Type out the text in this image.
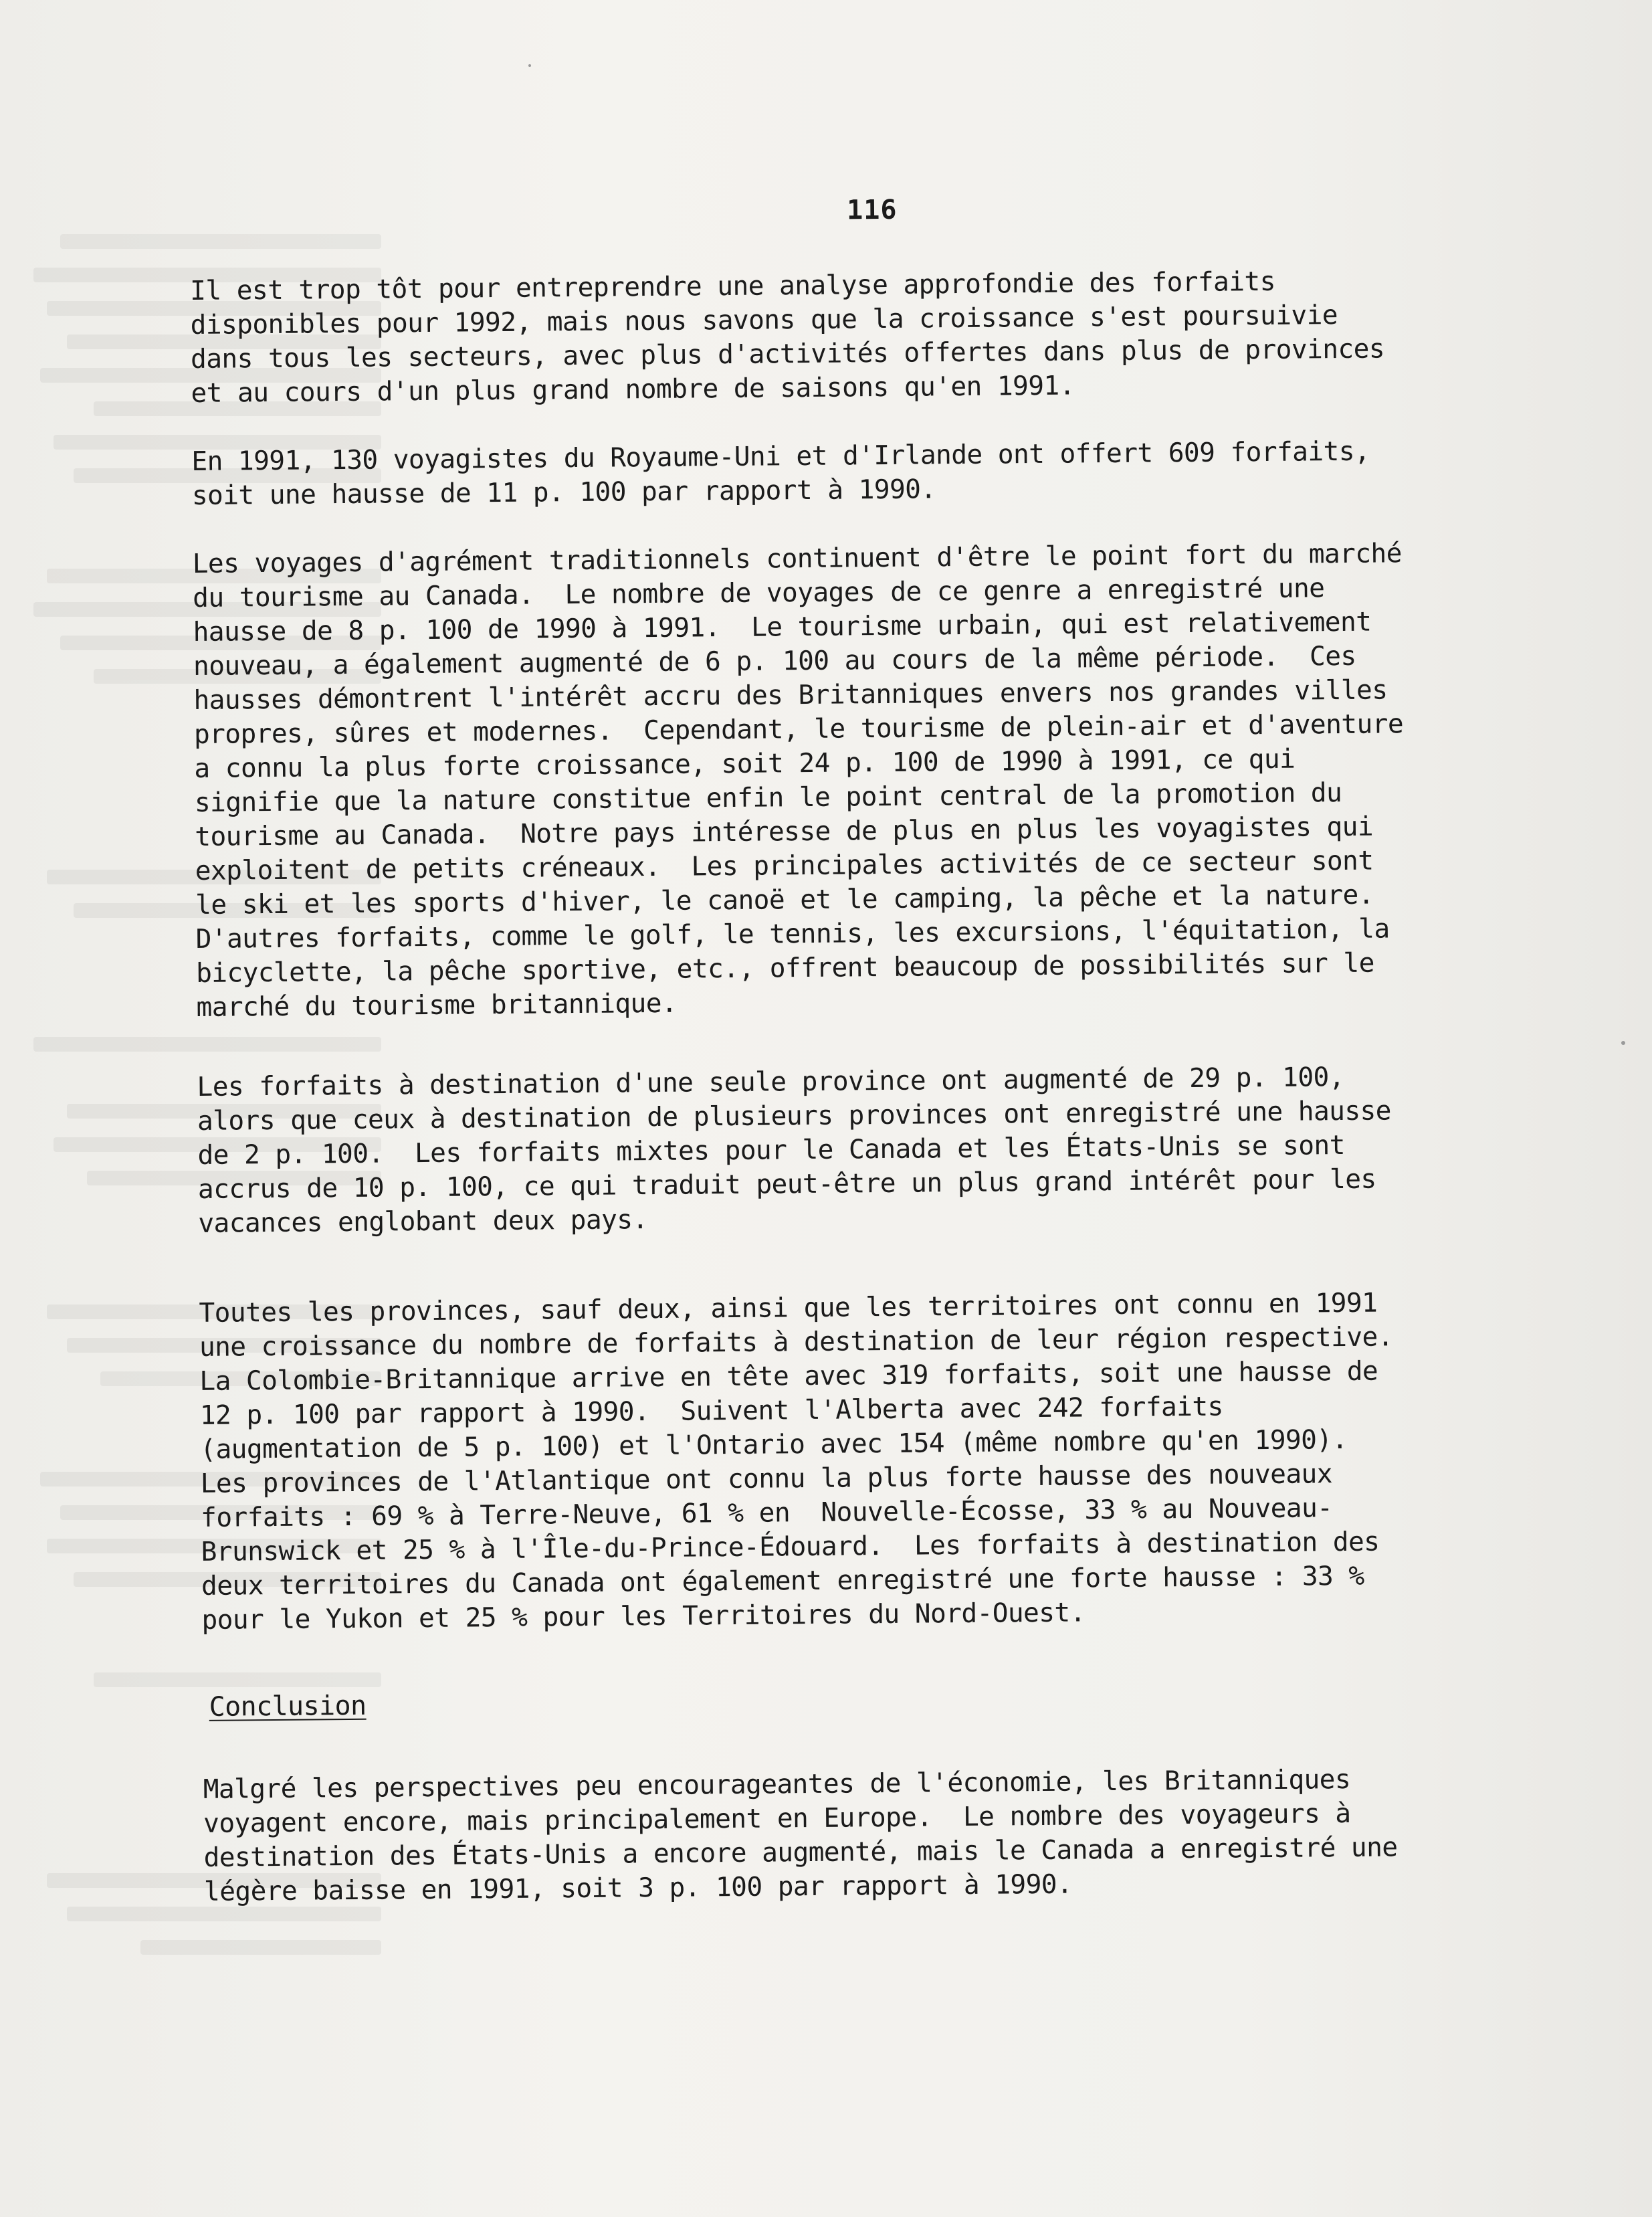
116
Il est trop tôt pour entreprendre une analyse approfondie des forfaits
disponibles pour 1992, mais nous savons que la croissance s'est poursuivie
dans tous les secteurs, avec plus d'activités offertes dans plus de provinces
et au cours d'un plus grand nombre de saisons qu'en 1991.
En 1991, 130 voyagistes du Royaume-Uni et d'Irlande ont offert 609 forfaits,
soit une hausse de 11 p. 100 par rapport à 1990.
Les voyages d'agrément traditionnels continuent d'être le point fort du marché
du tourisme au Canada.  Le nombre de voyages de ce genre a enregistré une
hausse de 8 p. 100 de 1990 à 1991.  Le tourisme urbain, qui est relativement
nouveau, a également augmenté de 6 p. 100 au cours de la même période.  Ces
hausses démontrent l'intérêt accru des Britanniques envers nos grandes villes
propres, sûres et modernes.  Cependant, le tourisme de plein-air et d'aventure
a connu la plus forte croissance, soit 24 p. 100 de 1990 à 1991, ce qui
signifie que la nature constitue enfin le point central de la promotion du
tourisme au Canada.  Notre pays intéresse de plus en plus les voyagistes qui
exploitent de petits créneaux.  Les principales activités de ce secteur sont
le ski et les sports d'hiver, le canoë et le camping, la pêche et la nature.
D'autres forfaits, comme le golf, le tennis, les excursions, l'équitation, la
bicyclette, la pêche sportive, etc., offrent beaucoup de possibilités sur le
marché du tourisme britannique.
Les forfaits à destination d'une seule province ont augmenté de 29 p. 100,
alors que ceux à destination de plusieurs provinces ont enregistré une hausse
de 2 p. 100.  Les forfaits mixtes pour le Canada et les États-Unis se sont
accrus de 10 p. 100, ce qui traduit peut-être un plus grand intérêt pour les
vacances englobant deux pays.
Toutes les provinces, sauf deux, ainsi que les territoires ont connu en 1991
une croissance du nombre de forfaits à destination de leur région respective.
La Colombie-Britannique arrive en tête avec 319 forfaits, soit une hausse de
12 p. 100 par rapport à 1990.  Suivent l'Alberta avec 242 forfaits
(augmentation de 5 p. 100) et l'Ontario avec 154 (même nombre qu'en 1990).
Les provinces de l'Atlantique ont connu la plus forte hausse des nouveaux
forfaits : 69 % à Terre-Neuve, 61 % en  Nouvelle-Écosse, 33 % au Nouveau-
Brunswick et 25 % à l'Île-du-Prince-Édouard.  Les forfaits à destination des
deux territoires du Canada ont également enregistré une forte hausse : 33 %
pour le Yukon et 25 % pour les Territoires du Nord-Ouest.
Conclusion
Malgré les perspectives peu encourageantes de l'économie, les Britanniques
voyagent encore, mais principalement en Europe.  Le nombre des voyageurs à
destination des États-Unis a encore augmenté, mais le Canada a enregistré une
légère baisse en 1991, soit 3 p. 100 par rapport à 1990.
